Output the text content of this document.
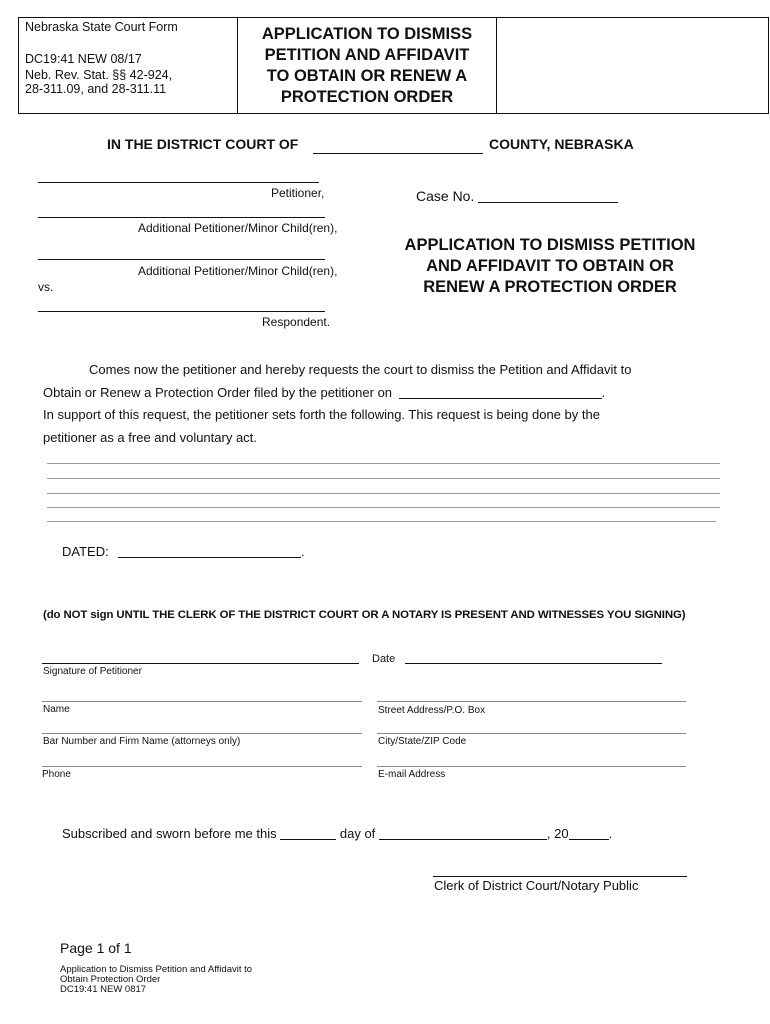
Nebraska State Court Form
DC19:41 NEW 08/17
Neb. Rev. Stat. §§ 42-924,
28-311.09, and 28-311.11
APPLICATION TO DISMISS
PETITION AND AFFIDAVIT
TO OBTAIN OR RENEW A
PROTECTION ORDER
IN THE DISTRICT COURT OF	COUNTY, NEBRASKA
Petitioner,
Additional Petitioner/Minor Child(ren),
Additional Petitioner/Minor Child(ren),
vs.
Respondent.
Case No.
APPLICATION TO DISMISS PETITION
AND AFFIDAVIT TO OBTAIN OR
RENEW A PROTECTION ORDER
Comes now the petitioner and hereby requests the court to dismiss the Petition and Affidavit to
Obtain or Renew a Protection Order filed by the petitioner on	.
In support of this request, the petitioner sets forth the following. This request is being done by the
petitioner as a free and voluntary act.
DATED:	.
(do NOT sign UNTIL THE CLERK OF THE DISTRICT COURT OR A NOTARY IS PRESENT AND WITNESSES YOU SIGNING)
Signature of Petitioner
Date
Name	Street Address/P.O. Box
Bar Number and Firm Name (attorneys only)	City/State/ZIP Code
Phone	E-mail Address
Subscribed and sworn before me this	day of	, 20	.
Clerk of District Court/Notary Public
Page 1 of 1
Application to Dismiss Petition and Affidavit to
Obtain Protection Order
DC19:41 NEW 0817
